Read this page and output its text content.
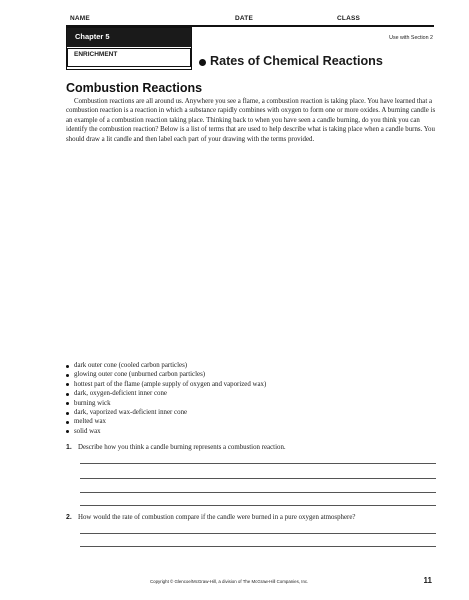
NAME	DATE	CLASS
Chapter 5
ENRICHMENT
Use with Section 2
Rates of Chemical Reactions
Combustion Reactions

Combustion reactions are all around us. Anywhere you see a flame, a combustion reaction is taking place. You have learned that a combustion reaction is a reaction in which a substance rapidly combines with oxygen to form one or more oxides. A burning candle is an example of a combustion reaction taking place. Thinking back to when you have seen a candle burning, do you think you can identify the combustion reaction? Below is a list of terms that are used to help describe what is taking place when a candle burns. You should draw a lit candle and then label each part of your drawing with the terms provided.

dark outer cone (cooled carbon particles)
glowing outer cone (unburned carbon particles)
hottest part of the flame (ample supply of oxygen and vaporized wax)
dark, oxygen-deficient inner cone
burning wick
dark, vaporized wax-deficient inner cone
melted wax
solid wax
1. Describe how you think a candle burning represents a combustion reaction.
2. How would the rate of combustion compare if the candle were burned in a pure oxygen atmosphere?
Copyright © Glencoe/McGraw-Hill, a division of The McGraw-Hill Companies, Inc.	11
